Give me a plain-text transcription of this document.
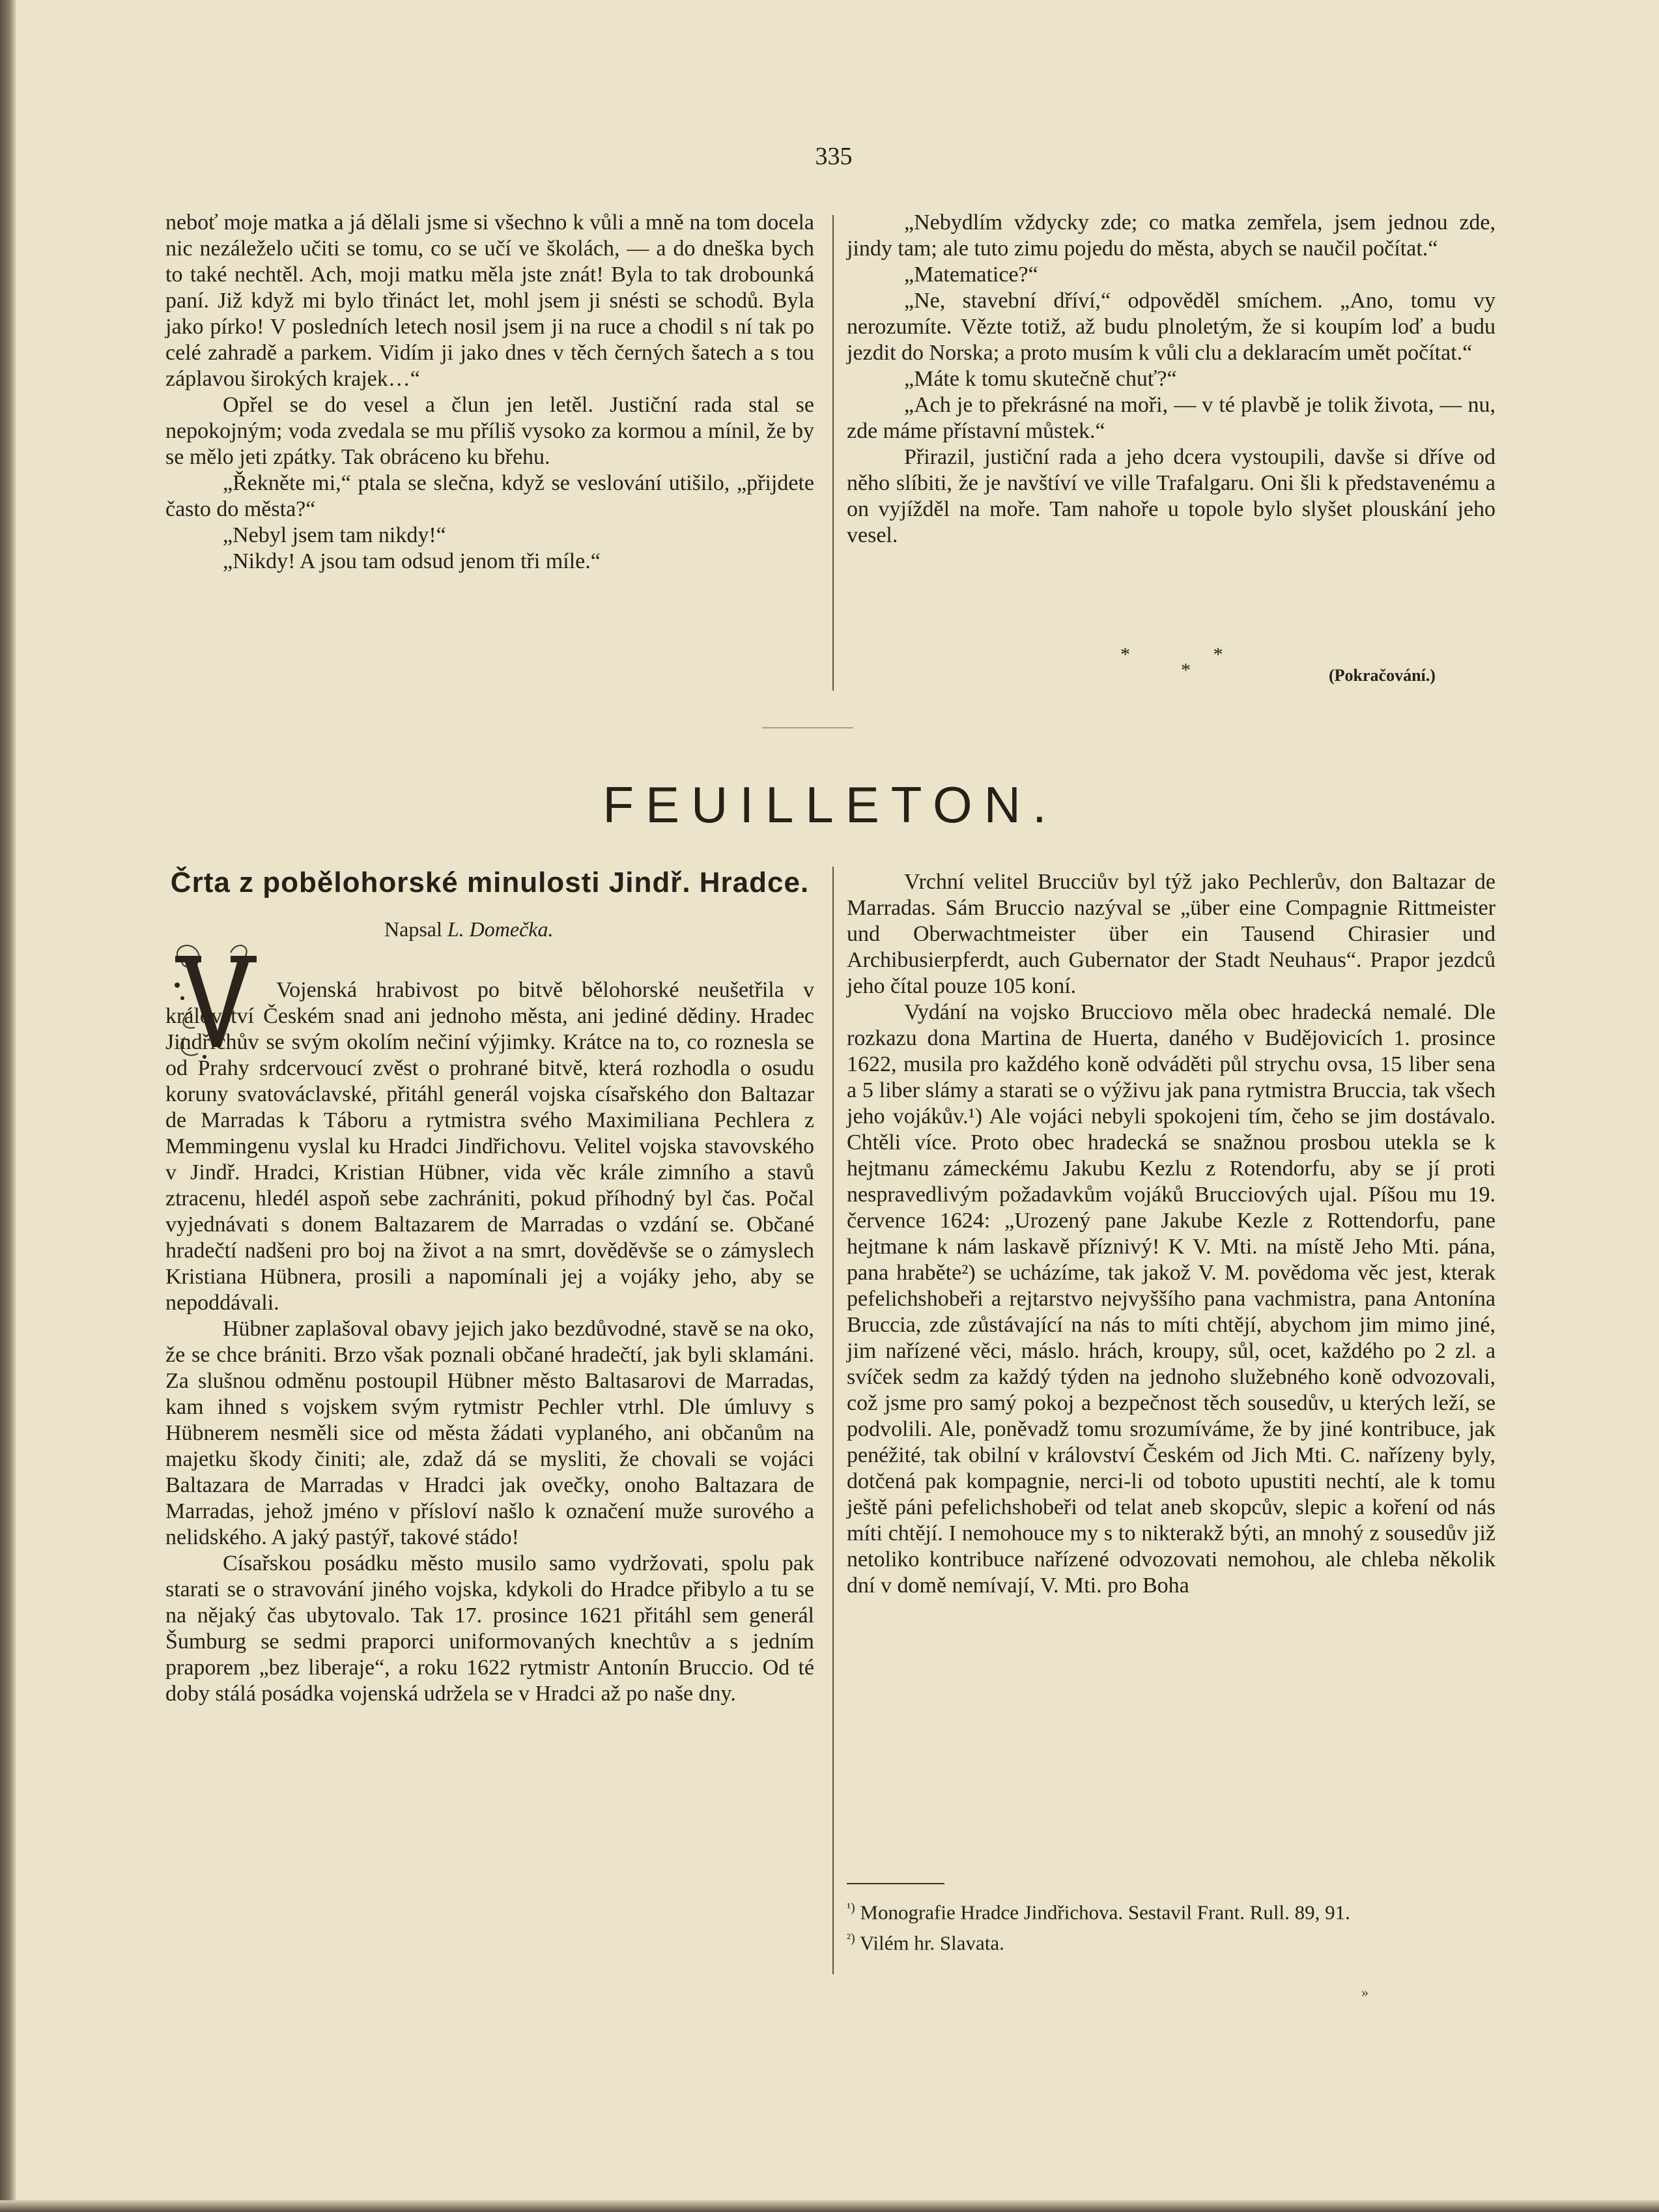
335

neboť moje matka a já dělali jsme si všechno k vůli a mně na tom docela nic nezáleželo učiti se tomu, co se učí ve školách, — a do dneška bych to také nechtěl. Ach, moji matku měla jste znát! Byla to tak drobounká paní. Již když mi bylo třináct let, mohl jsem ji snésti se schodů. Byla jako pírko! V posledních letech nosil jsem ji na ruce a chodil s ní tak po celé zahradě a parkem. Vidím ji jako dnes v těch černých šatech a s tou záplavou širokých krajek…“

Opřel se do vesel a člun jen letěl. Justiční rada stal se nepokojným; voda zvedala se mu příliš vysoko za kormou a mínil, že by se mělo jeti zpátky. Tak obráceno ku břehu.

„Řekněte mi,“ ptala se slečna, když se veslování utišilo, „přijdete často do města?“

„Nebyl jsem tam nikdy!“

„Nikdy! A jsou tam odsud jenom tři míle.“

„Nebydlím vždycky zde; co matka zemřela, jsem jednou zde, jindy tam; ale tuto zimu pojedu do města, abych se naučil počítat.“

„Matematice?“

„Ne, stavební dříví,“ odpověděl smíchem. „Ano, tomu vy nerozumíte. Vězte totiž, až budu plnoletým, že si koupím loď a budu jezdit do Norska; a proto musím k vůli clu a deklaracím umět počítat.“

„Máte k tomu skutečně chuť?“

„Ach je to překrásné na moři, — v té plavbě je tolik života, — nu, zde máme přístavní můstek.“

Přirazil, justiční rada a jeho dcera vystoupili, davše si dříve od něho slíbiti, že je navštíví ve ville Trafalgaru. Oni šli k představenému a on vyjížděl na moře. Tam nahoře u topole bylo slyšet plouskání jeho vesel.

* *
*	(Pokračování.)
FEUILLETON.
Črta z pobělohorské minulosti Jindř. Hradce.
Napsal L. Domečka.

Vojenská hrabivost po bitvě bělohorské neušetřila v království Českém snad ani jednoho města, ani jediné dědiny. Hradec Jindřichův se svým okolím nečiní výjimky. Krátce na to, co roznesla se od Prahy srdcervoucí zvěst o prohrané bitvě, která rozhodla o osudu koruny svatováclavské, přitáhl generál vojska císařského don Baltazar de Marradas k Táboru a rytmistra svého Maximiliana Pechlera z Memmingenu vyslal ku Hradci Jindřichovu. Velitel vojska stavovského v Jindř. Hradci, Kristian Hübner, vida věc krále zimního a stavů ztracenu, hledél aspoň sebe zachrániti, pokud příhodný byl čas. Počal vyjednávati s donem Baltazarem de Marradas o vzdání se. Občané hradečtí nadšeni pro boj na život a na smrt, dověděvše se o zámyslech Kristiana Hübnera, prosili a napomínali jej a vojáky jeho, aby se nepoddávali.

Hübner zaplašoval obavy jejich jako bezdůvodné, stavě se na oko, že se chce brániti. Brzo však poznali občané hradečtí, jak byli sklamáni. Za slušnou odměnu postoupil Hübner město Baltasarovi de Marradas, kam ihned s vojskem svým rytmistr Pechler vtrhl. Dle úmluvy s Hübnerem nesměli sice od města žádati vyplaného, ani občanům na majetku škody činiti; ale, zdaž dá se mysliti, že chovali se vojáci Baltazara de Marradas v Hradci jak ovečky, onoho Baltazara de Marradas, jehož jméno v přísloví našlo k označení muže surového a nelidského. A jaký pastýř, takové stádo!

Císařskou posádku město musilo samo vydržovati, spolu pak starati se o stravování jiného vojska, kdykoli do Hradce přibylo a tu se na nějaký čas ubytovalo. Tak 17. prosince 1621 přitáhl sem generál Šumburg se sedmi praporci uniformovaných knechtův a s jedním praporem „bez liberaje“, a roku 1622 rytmistr Antonín Bruccio. Od té doby stálá posádka vojenská udržela se v Hradci až po naše dny.

Vrchní velitel Brucciův byl týž jako Pechlerův, don Baltazar de Marradas. Sám Bruccio nazýval se „über eine Compagnie Rittmeister und Oberwachtmeister über ein Tausend Chirasier und Archibusierpferdt, auch Gubernator der Stadt Neuhaus“. Prapor jezdců jeho čítal pouze 105 koní.

Vydání na vojsko Brucciovo měla obec hradecká nemalé. Dle rozkazu dona Martina de Huerta, daného v Budějovicích 1. prosince 1622, musila pro každého koně odváděti půl strychu ovsa, 15 liber sena a 5 liber slámy a starati se o výživu jak pana rytmistra Bruccia, tak všech jeho vojákův.¹) Ale vojáci nebyli spokojeni tím, čeho se jim dostávalo. Chtěli více. Proto obec hradecká se snažnou prosbou utekla se k hejtmanu zámeckému Jakubu Kezlu z Rotendorfu, aby se jí proti nespravedlivým požadavkům vojáků Brucciových ujal. Píšou mu 19. července 1624: „Urozený pane Jakube Kezle z Rottendorfu, pane hejtmane k nám laskavě příznivý! K V. Mti. na místě Jeho Mti. pána, pana hraběte²) se ucházíme, tak jakož V. M. povědoma věc jest, kterak pefelichshobeři a rejtarstvo nejvyššího pana vachmistra, pana Antonína Bruccia, zde zůstávající na nás to míti chtějí, abychom jim mimo jiné, jim nařízené věci, máslo. hrách, kroupy, sůl, ocet, každého po 2 zl. a svíček sedm za každý týden na jednoho služebného koně odvozovali, což jsme pro samý pokoj a bezpečnost těch sousedův, u kterých leží, se podvolili. Ale, poněvadž tomu srozumíváme, že by jiné kontribuce, jak penéžité, tak obilní v království Českém od Jich Mti. C. nařízeny byly, dotčená pak kompagnie, nerci-li od toboto upustiti nechtí, ale k tomu ještě páni pefelichshobeři od telat aneb skopcův, slepic a koření od nás míti chtějí. I nemohouce my s to nikterakž býti, an mnohý z sousedův již netoliko kontribuce nařízené odvozovati nemohou, ale chleba několik dní v domě nemívají, V. Mti. pro Boha

$^{^1)}$ Monografie Hradce Jindřichova. Sestavil Frant. Rull. 89, 91.

$^{^2)}$ Vilém hr. Slavata.

»
